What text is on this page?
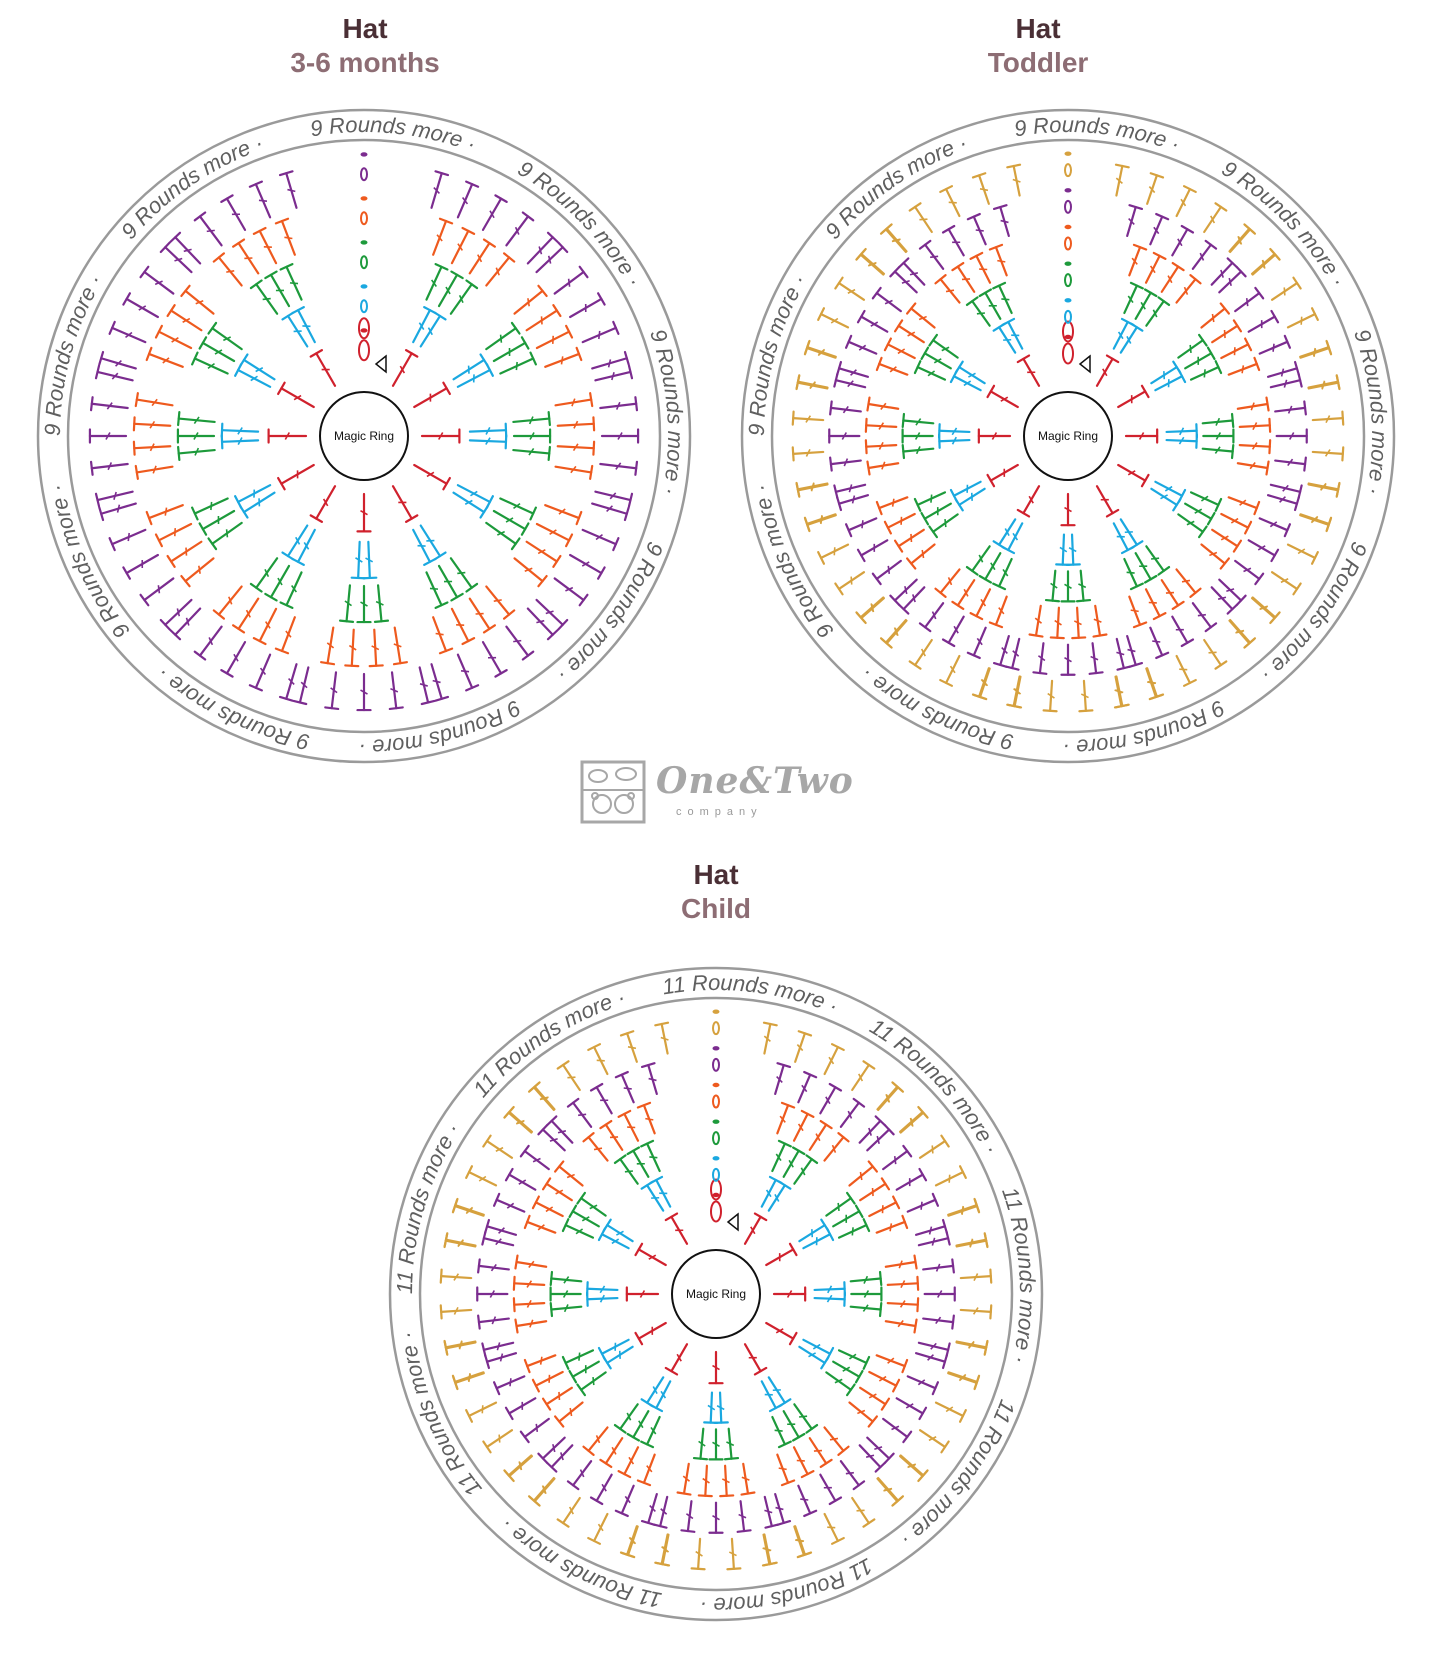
Hat
3-6 months
9 Rounds more ·9 Rounds more ·9 Rounds more ·9 Rounds more · 9 Rounds more · 9 Rounds more · 9 Rounds more ·9 Rounds more ·9 Rounds more ·
Magic Ring
Hat
Toddler
9 Rounds more ·9 Rounds more ·9 Rounds more ·9 Rounds more · 9 Rounds more · 9 Rounds more · 9 Rounds more ·9 Rounds more ·9 Rounds more ·
Magic Ring
One&Two
company
Hat
Child
11 Rounds more ·11 Rounds more · 11 Rounds more ·11 Rounds more · 11 Rounds more · 11 Rounds more · 11 Rounds more ·11 Rounds more ·11 Rounds more ·
Magic Ring
